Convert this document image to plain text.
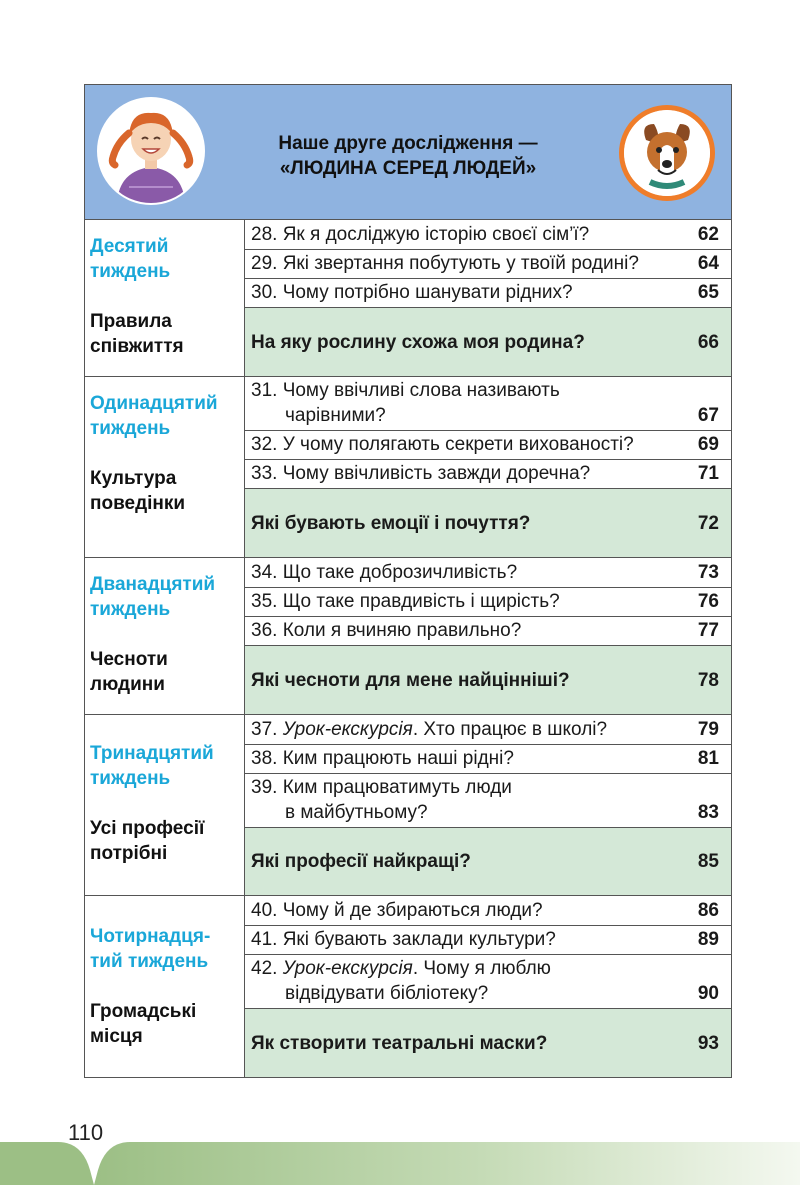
Наше друге дослідження —
«ЛЮДИНА СЕРЕД ЛЮДЕЙ»
Десятий тиждень
Правила співжиття
28. Як я досліджую історію своєї сім’ї?	62
29. Які звертання побутують у твоїй родині?	64
30. Чому потрібно шанувати рідних?	65
На яку рослину схожа моя родина?	66
Одинадцятий тиждень
Культура поведінки
31. Чому ввічливі слова називають
чарівними?	67
32. У чому полягають секрети вихованості?	69
33. Чому ввічливість завжди доречна?	71
Які бувають емоції і почуття?	72
Дванадцятий тиждень
Чесноти людини
34. Що таке доброзичливість?	73
35. Що таке правдивість і щирість?	76
36. Коли я вчиняю правильно?	77
Які чесноти для мене найцінніші?	78
Тринадцятий тиждень
Усі професії потрібні
37. Урок-екскурсія. Хто працює в школі?	79
38. Ким працюють наші рідні?	81
39. Ким працюватимуть люди
в майбутньому?	83
Які професії найкращі?	85
Чотирнадця-
тий тиждень
Громадські місця
40. Чому й де збираються люди?	86
41. Які бувають заклади культури?	89
42. Урок-екскурсія. Чому я люблю
відвідувати бібліотеку?	90
Як створити театральні маски?	93
110
